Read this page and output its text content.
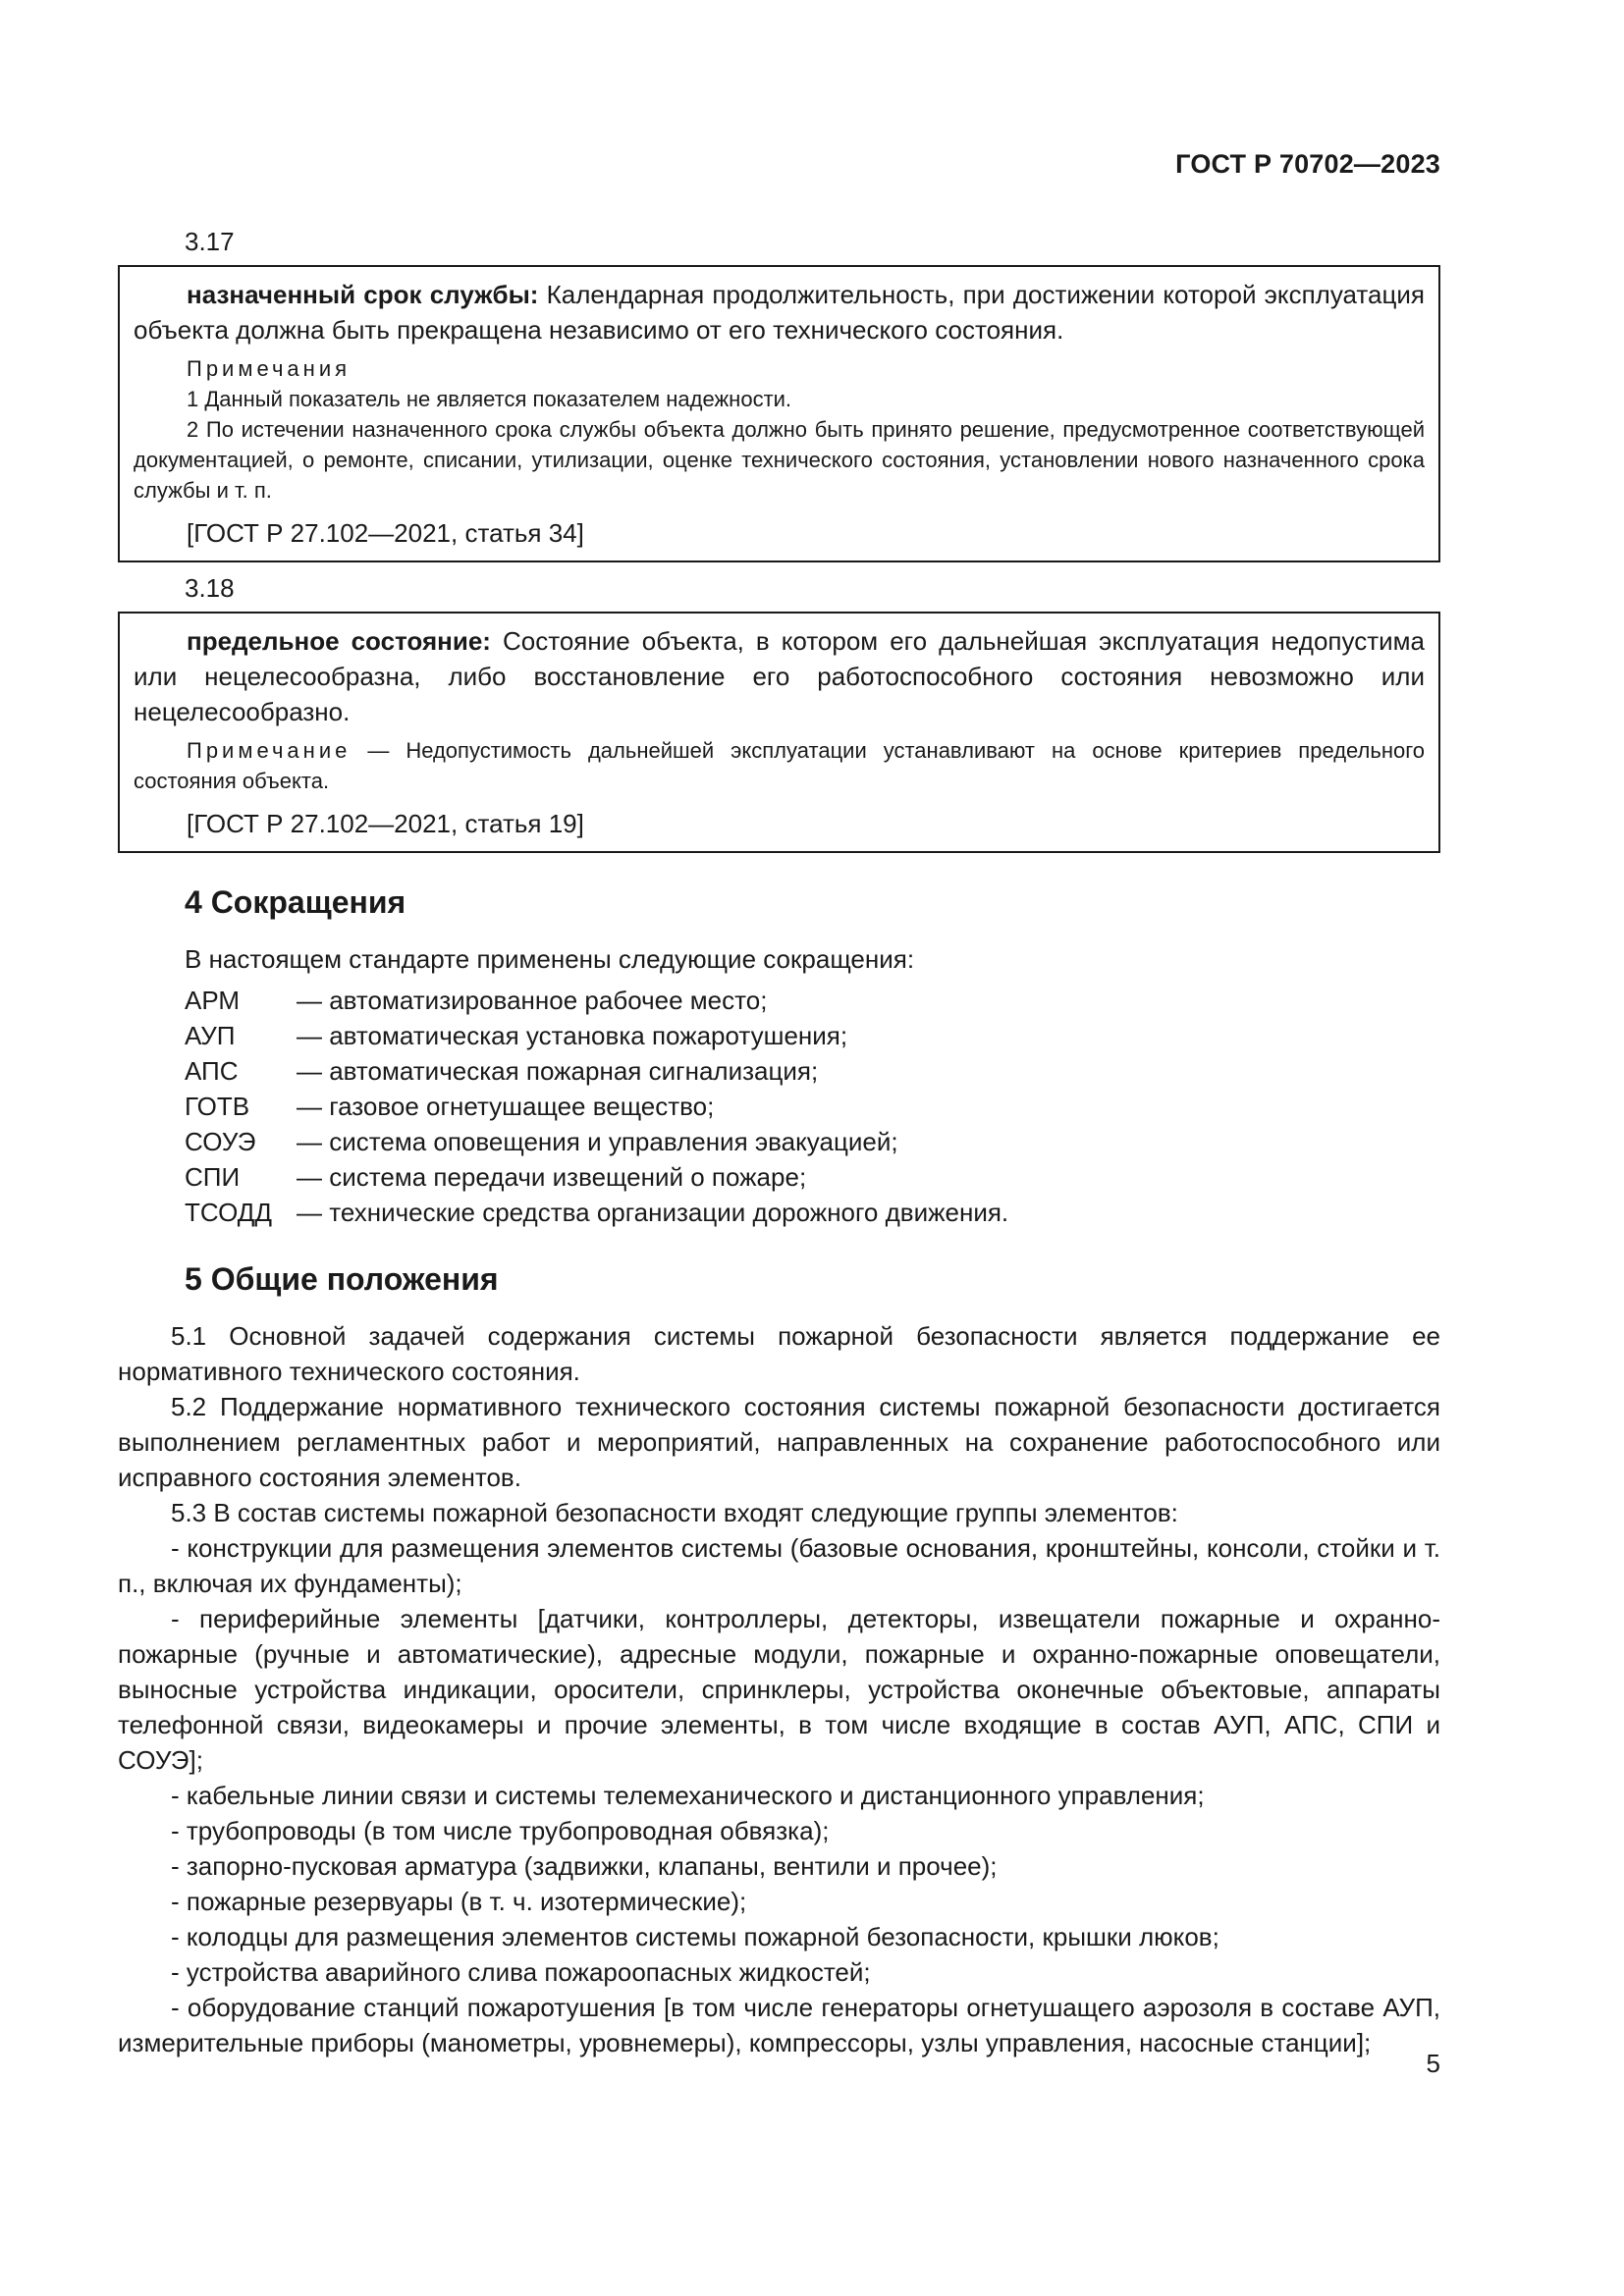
ГОСТ Р 70702—2023
3.17

назначенный срок службы: Календарная продолжительность, при достижении которой эксплуатация объекта должна быть прекращена независимо от его технического состояния.

Примечания

1 Данный показатель не является показателем надежности.

2 По истечении назначенного срока службы объекта должно быть принято решение, предусмотренное соответствующей документацией, о ремонте, списании, утилизации, оценке технического состояния, установлении нового назначенного срока службы и т. п.

[ГОСТ Р 27.102—2021, статья 34]

3.18

предельное состояние: Состояние объекта, в котором его дальнейшая эксплуатация недопустима или нецелесообразна, либо восстановление его работоспособного состояния невозможно или нецелесообразно.

Примечание — Недопустимость дальнейшей эксплуатации устанавливают на основе критериев предельного состояния объекта.

[ГОСТ Р 27.102—2021, статья 19]

4 Сокращения
В настоящем стандарте применены следующие сокращения:
АРМ	— автоматизированное рабочее место;
АУП	— автоматическая установка пожаротушения;
АПС	— автоматическая пожарная сигнализация;
ГОТВ	— газовое огнетушащее вещество;
СОУЭ	— система оповещения и управления эвакуацией;
СПИ	— система передачи извещений о пожаре;
ТСОДД — технические средства организации дорожного движения.
5 Общие положения

5.1 Основной задачей содержания системы пожарной безопасности является поддержание ее нормативного технического состояния.

5.2 Поддержание нормативного технического состояния системы пожарной безопасности достигается выполнением регламентных работ и мероприятий, направленных на сохранение работоспособного или исправного состояния элементов.

5.3 В состав системы пожарной безопасности входят следующие группы элементов:

- конструкции для размещения элементов системы (базовые основания, кронштейны, консоли, стойки и т. п., включая их фундаменты);

- периферийные элементы [датчики, контроллеры, детекторы, извещатели пожарные и охранно-пожарные (ручные и автоматические), адресные модули, пожарные и охранно-пожарные оповещатели, выносные устройства индикации, оросители, спринклеры, устройства оконечные объектовые, аппараты телефонной связи, видеокамеры и прочие элементы, в том числе входящие в состав АУП, АПС, СПИ и СОУЭ];

- кабельные линии связи и системы телемеханического и дистанционного управления;

- трубопроводы (в том числе трубопроводная обвязка);

- запорно-пусковая арматура (задвижки, клапаны, вентили и прочее);

- пожарные резервуары (в т. ч. изотермические);

- колодцы для размещения элементов системы пожарной безопасности, крышки люков;

- устройства аварийного слива пожароопасных жидкостей;

- оборудование станций пожаротушения [в том числе генераторы огнетушащего аэрозоля в составе АУП, измерительные приборы (манометры, уровнемеры), компрессоры, узлы управления, насосные станции];

5
